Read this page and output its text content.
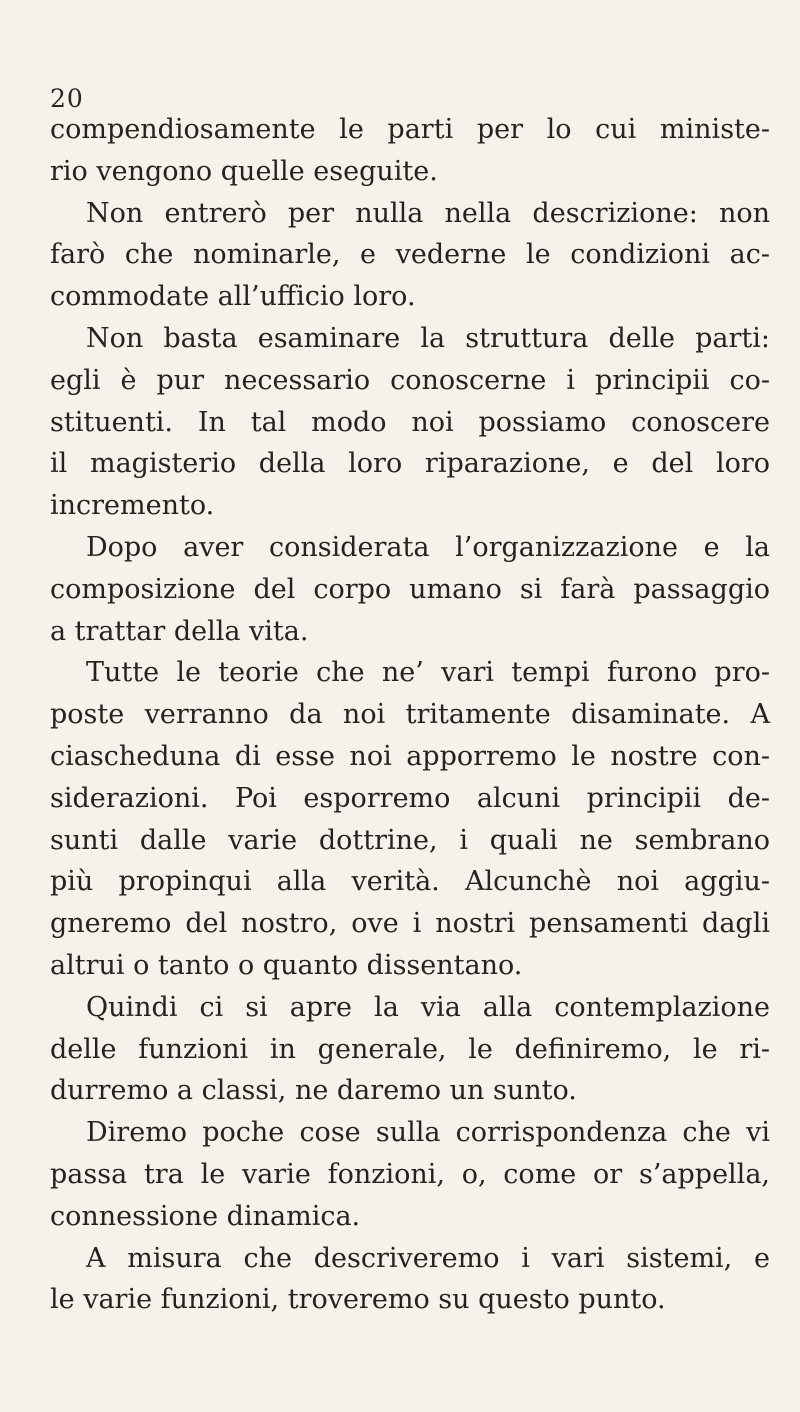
20
compendiosamente le parti per lo cui ministe-
rio vengono quelle eseguite.
Non entrerò per nulla nella descrizione: non
farò che nominarle, e vederne le condizioni ac-
commodate all’ufficio loro.
Non basta esaminare la struttura delle parti:
egli è pur necessario conoscerne i principii co-
stituenti. In tal modo noi possiamo conoscere
il magisterio della loro riparazione, e del loro
incremento.
Dopo aver considerata l’organizzazione e la
composizione del corpo umano si farà passaggio
a trattar della vita.
Tutte le teorie che ne’ vari tempi furono pro-
poste verranno da noi tritamente disaminate. A
ciascheduna di esse noi apporremo le nostre con-
siderazioni. Poi esporremo alcuni principii de-
sunti dalle varie dottrine, i quali ne sembrano
più propinqui alla verità. Alcunchè noi aggiu-
gneremo del nostro, ove i nostri pensamenti dagli
altrui o tanto o quanto dissentano.
Quindi ci si apre la via alla contemplazione
delle funzioni in generale, le definiremo, le ri-
durremo a classi, ne daremo un sunto.
Diremo poche cose sulla corrispondenza che vi
passa tra le varie fonzioni, o, come or s’appella,
connessione dinamica.
A misura che descriveremo i vari sistemi, e
le varie funzioni, troveremo su questo punto.
